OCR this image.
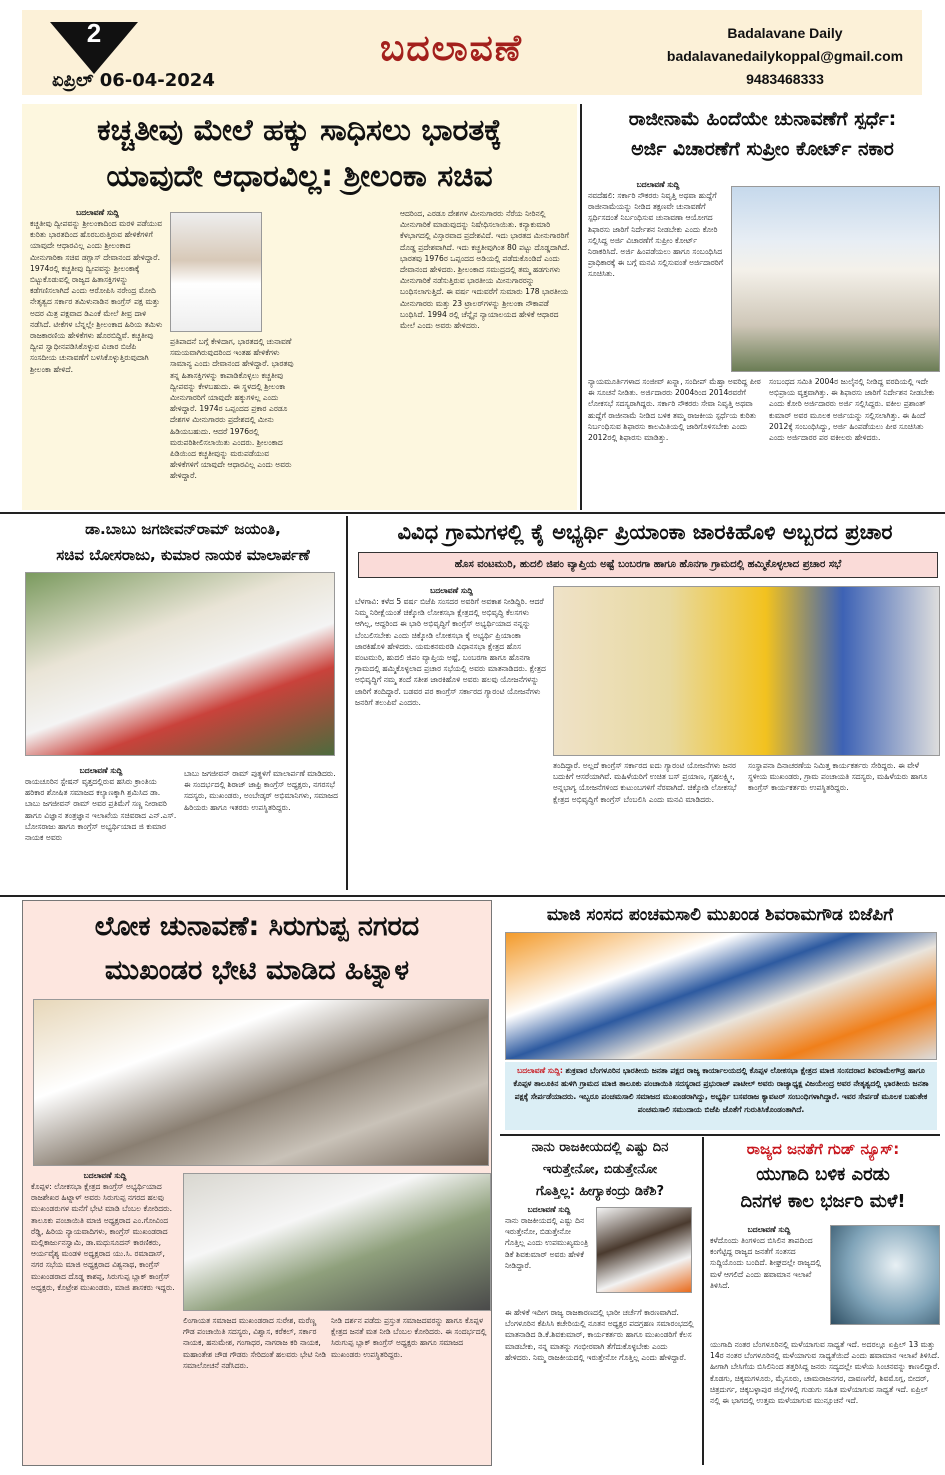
2
ಏಪ್ರಿಲ್ 06-04-2024
ಬದಲಾವಣೆ	Badalavane Daily
badalavanedailykoppal@gmail.com
9483468333
ಕಚ್ಚತೀವು ಮೇಲೆ ಹಕ್ಕು ಸಾಧಿಸಲು ಭಾರತಕ್ಕೆ
ಯಾವುದೇ ಆಧಾರವಿಲ್ಲ: ಶ್ರೀಲಂಕಾ ಸಚಿವ
ಬದಲಾವಣೆ ಸುದ್ದಿ
ಕಚ್ಚತೀವು ದ್ವೀಪವನ್ನು ಶ್ರೀಲಂಕಾದಿಂದ ಮರಳಿ ಪಡೆಯುವ ಕುರಿತು ಭಾರತದಿಂದ ಹೊರಬರುತ್ತಿರುವ ಹೇಳಿಕೆಗಳಿಗೆ ಯಾವುದೇ ಆಧಾರವಿಲ್ಲ ಎಂದು ಶ್ರೀಲಂಕಾದ ಮೀನುಗಾರಿಕಾ ಸಚಿವ ಡಗ್ಲಾಸ್ ದೇವಾನಂದ ಹೇಳಿದ್ದಾರೆ. 1974ರಲ್ಲಿ ಕಚ್ಚತೀವು ದ್ವೀಪವನ್ನು ಶ್ರೀಲಂಕಾಕ್ಕೆ ಬಿಟ್ಟುಕೊಡುವಲ್ಲಿ ರಾಜ್ಯದ ಹಿತಾಸಕ್ತಿಗಳನ್ನು ಕಡೆಗಣಿಸಲಾಗಿದೆ ಎಂದು ಆರೋಪಿಸಿ ನರೇಂದ್ರ ಮೋದಿ ನೇತೃತ್ವದ ಸರ್ಕಾರ ತಮಿಳುನಾಡಿನ ಕಾಂಗ್ರೆಸ್ ಪಕ್ಷ ಮತ್ತು ಅದರ ಮಿತ್ರ ಪಕ್ಷವಾದ ಡಿಎಂಕೆ ಮೇಲೆ ತೀವ್ರ ದಾಳಿ ನಡೆಸಿದೆ. ಟೀಕೆಗಳ ಬೆನ್ನಲ್ಲೇ ಶ್ರೀಲಂಕಾದ ಹಿರಿಯ ತಮಿಳು ರಾಜಕಾರಣಿಯ ಹೇಳಿಕೆಗಳು ಹೊರಬಿದ್ದಿವೆ. ಕಚ್ಚತೀವು ದ್ವೀಪ ಸ್ವಾಧೀನಪಡಿಸಿಕೊಳ್ಳುವ ವಿಚಾರ ಬಿಜೆಪಿ ಸಂಸದೀಯ ಚುನಾವಣೆಗೆ ಬಳಸಿಕೊಳ್ಳುತ್ತಿರುವುದಾಗಿ ಶ್ರೀಲಂಕಾ ಹೇಳಿದೆ.
ಪ್ರತಿಪಾದನೆ ಬಗ್ಗೆ ಕೇಳಿದಾಗ, ಭಾರತದಲ್ಲಿ ಚುನಾವಣೆ ಸಮಯವಾಗಿರುವುದರಿಂದ ಇಂತಹ ಹೇಳಿಕೆಗಳು ಸಾಮಾನ್ಯ ಎಂದು ದೇವಾನಂದ ಹೇಳಿದ್ದಾರೆ. ಭಾರತವು ತನ್ನ ಹಿತಾಸಕ್ತಿಗಳನ್ನು ಕಾಪಾಡಿಕೊಳ್ಳಲು ಕಚ್ಚತೀವು ದ್ವೀಪವನ್ನು ಕೇಳಬಹುದು. ಈ ಸ್ಥಳದಲ್ಲಿ ಶ್ರೀಲಂಕಾ ಮೀನುಗಾರರಿಗೆ ಯಾವುದೇ ಹಕ್ಕುಗಳಿಲ್ಲ ಎಂದು ಹೇಳಿದ್ದಾರೆ. 1974ರ ಒಪ್ಪಂದದ ಪ್ರಕಾರ ಎರಡೂ ದೇಶಗಳ ಮೀನುಗಾರರು ಪ್ರದೇಶದಲ್ಲಿ ಮೀನು ಹಿಡಿಯಬಹುದು. ಆದರೆ 1976ರಲ್ಲಿ ಮರುಪರಿಶೀಲಿಸಲಾಯಿತು ಎಂದರು. ಶ್ರೀಲಂಕಾದ ಪಿಡಿಯಿಂದ ಕಚ್ಚತೀವುನ್ನು ಮರುಪಡೆಯುವ ಹೇಳಿಕೆಗಳಿಗೆ ಯಾವುದೇ ಆಧಾರವಿಲ್ಲ ಎಂದು ಅವರು ಹೇಳಿದ್ದಾರೆ.
ಆದರಿಂದ, ಎರಡೂ ದೇಶಗಳ ಮೀನುಗಾರರು ನೆರೆಯ ನೀರಿನಲ್ಲಿ ಮೀನುಗಾರಿಕೆ ಮಾಡುವುದನ್ನು ನಿಷೇಧಿಸಲಾಯಿತು. ಕನ್ಯಾಕುಮಾರಿ ಕೆಳಭಾಗದಲ್ಲಿ ವಿಸ್ತಾರವಾದ ಪ್ರದೇಶವಿದೆ. ಇದು ಭಾರತದ ಮೀನುಗಾರರಿಗೆ ದೊಡ್ಡ ಪ್ರದೇಶವಾಗಿದೆ. ಇದು ಕಚ್ಚತೀವುಗಿಂತ 80 ಪಟ್ಟು ದೊಡ್ಡದಾಗಿದೆ. ಭಾರತವು 1976ರ ಒಪ್ಪಂದದ ಅಡಿಯಲ್ಲಿ ಪಡೆದುಕೊಂಡಿದೆ ಎಂದು ದೇವಾನಂದ ಹೇಳಿದರು. ಶ್ರೀಲಂಕಾದ ಸಮುದ್ರದಲ್ಲಿ ತಮ್ಮ ಹಡಗುಗಳು ಮೀನುಗಾರಿಕೆ ನಡೆಸುತ್ತಿರುವ ಭಾರತೀಯ ಮೀನುಗಾರರನ್ನು ಬಂಧಿಸಲಾಗುತ್ತಿದೆ. ಈ ವರ್ಷ ಇದುವರೆಗೆ ಸುಮಾರು 178 ಭಾರತೀಯ ಮೀನುಗಾರರು ಮತ್ತು 23 ಟ್ರಾಲರ್‌ಗಳನ್ನು ಶ್ರೀಲಂಕಾ ನೌಕಾಪಡೆ ಬಂಧಿಸಿದೆ. 1994 ರಲ್ಲಿ ಚೆನ್ನೈನ ನ್ಯಾಯಾಲಯದ ಹೇಳಿಕೆ ಆಧಾರದ ಮೇಲೆ ಎಂದು ಅವರು ಹೇಳಿದರು.
ರಾಜೀನಾಮೆ ಹಿಂದೆಯೇ ಚುನಾವಣೆಗೆ ಸ್ಪರ್ಧೆ:
ಅರ್ಜಿ ವಿಚಾರಣೆಗೆ ಸುಪ್ರೀಂ ಕೋರ್ಟ್ ನಕಾರ
ಬದಲಾವಣೆ ಸುದ್ದಿ
ನವದೆಹಲಿ: ಸರ್ಕಾರಿ ನೌಕರರು ನಿವೃತ್ತಿ ಅಥವಾ ಹುದ್ದೆಗೆ ರಾಜೀನಾಮೆಯನ್ನು ನೀಡಿದ ತಕ್ಷಣವೇ ಚುನಾವಣೆಗೆ ಸ್ಪರ್ಧಿಸದಂತೆ ನಿರ್ಬಂಧಿಸುವ ಚುನಾವಣಾ ಆಯೋಗದ ಶಿಫಾರಸು ಜಾರಿಗೆ ನಿರ್ದೇಶನ ನೀಡಬೇಕು ಎಂದು ಕೋರಿ ಸಲ್ಲಿಸಿದ್ದ ಅರ್ಜಿ ವಿಚಾರಣೆಗೆ ಸುಪ್ರೀಂ ಕೋರ್ಟ್ ನಿರಾಕರಿಸಿದೆ. ಅರ್ಜಿ ಹಿಂಪಡೆಯಲು ಹಾಗೂ ಸಂಬಂಧಿಸಿದ ಪ್ರಾಧಿಕಾರಕ್ಕೆ ಈ ಬಗ್ಗೆ ಮನವಿ ಸಲ್ಲಿಸುವಂತೆ ಅರ್ಜಿದಾರರಿಗೆ ಸೂಚಿಸಿತು.
ನ್ಯಾಯಮೂರ್ತಿಗಳಾದ ಸಂಜೀವ್ ಖನ್ನಾ, ಸಂದೀಪ್ ಮೆಹ್ತಾ ಅವರಿದ್ದ ಪೀಠ ಈ ಸೂಚನೆ ನೀಡಿತು. ಅರ್ಜಿದಾರರು 2004ರಿಂದ 2014ರವರೆಗೆ ಲೋಕಸಭೆ ಸದಸ್ಯರಾಗಿದ್ದರು. ಸರ್ಕಾರಿ ನೌಕರರು ಸೇವಾ ನಿವೃತ್ತಿ ಅಥವಾ ಹುದ್ದೆಗೆ ರಾಜೀನಾಮೆ ನೀಡಿದ ಬಳಿಕ ತಮ್ಮ ರಾಜಕೀಯ ಸ್ಪರ್ಧೆಯ ಕುರಿತು ನಿರ್ಬಂಧಿಸುವ ಶಿಫಾರಸು ಕಾಲಮಿತಿಯಲ್ಲಿ ಜಾರಿಗೊಳಿಸಬೇಕು ಎಂದು 2012ರಲ್ಲಿ ಶಿಫಾರಸು ಮಾಡಿತ್ತು.
ಸಂಬಂಧದ ಸಮಿತಿ 2004ರ ಜುಲೈನಲ್ಲಿ ನೀಡಿದ್ದ ವರದಿಯಲ್ಲಿ ಇದೇ ಅಭಿಪ್ರಾಯ ವ್ಯಕ್ತವಾಗಿತ್ತು. ಈ ಶಿಫಾರಸು ಜಾರಿಗೆ ನಿರ್ದೇಶನ ನೀಡಬೇಕು ಎಂದು ಕೋರಿ ಅರ್ಜಿದಾರರು ಅರ್ಜಿ ಸಲ್ಲಿಸಿದ್ದರು. ವಕೀಲ ಪ್ರಶಾಂತ್ ಕುಮಾರ್ ಅವರ ಮೂಲಕ ಅರ್ಜಿಯನ್ನು ಸಲ್ಲಿಸಲಾಗಿತ್ತು. ಈ ಹಿಂದೆ 2012ಕ್ಕೆ ಸಂಬಂಧಿಸಿದ್ದು, ಅರ್ಜಿ ಹಿಂಪಡೆಯಲು ಪೀಠ ಸೂಚಿಸಿತು ಎಂದು ಅರ್ಜಿದಾರರ ಪರ ವಕೀಲರು ಹೇಳಿದರು.
ಡಾ.ಬಾಬು ಜಗಜೀವನ್‌ರಾಮ್ ಜಯಂತಿ,
ಸಚಿವ ಬೋಸರಾಜು, ಕುಮಾರ ನಾಯಕ ಮಾಲಾರ್ಪಣೆ
ಬದಲಾವಣೆ ಸುದ್ದಿ
ರಾಯಚೂರಿನ ಸ್ಟೇಷನ್ ವೃತ್ತದಲ್ಲಿರುವ ಹಸಿರು ಕ್ರಾಂತಿಯ ಹರಿಕಾರ ಶೋಷಿತ ಸಮಾಜದ ಕಲ್ಯಾಣಕ್ಕಾಗಿ ಶ್ರಮಿಸಿದ ಡಾ. ಬಾಬು ಜಗಜೀವನ್ ರಾಮ್ ಅವರ ಪ್ರತಿಮೆಗೆ ಸಣ್ಣ ನೀರಾವರಿ ಹಾಗೂ ವಿಜ್ಞಾನ ತಂತ್ರಜ್ಞಾನ ಇಲಾಖೆಯ ಸಚಿವರಾದ ಎನ್.ಎಸ್. ಬೋಸರಾಜು ಹಾಗೂ ಕಾಂಗ್ರೆಸ್ ಅಭ್ಯರ್ಥಿಯಾದ ಜಿ ಕುಮಾರ ನಾಯಕ ಅವರು
ಬಾಬು ಜಗಜೀವನ್ ರಾಮ್ ಪುತ್ಥಳಿಗೆ ಮಾಲಾರ್ಪಣೆ ಮಾಡಿದರು. ಈ ಸಂದರ್ಭದಲ್ಲಿ ಶಿರಾಜ್ ಜಾಫ್ರಿ ಕಾಂಗ್ರೆಸ್ ಅಧ್ಯಕ್ಷರು, ನಗರಸಭೆ ಸದಸ್ಯರು, ಮುಖಂಡರು, ಅಂಬೇಡ್ಕರ್ ಅಭಿಮಾನಿಗಳು, ಸಮಾಜದ ಹಿರಿಯರು ಹಾಗೂ ಇತರರು ಉಪಸ್ಥಿತರಿದ್ದರು.
ವಿವಿಧ ಗ್ರಾಮಗಳಲ್ಲಿ ಕೈ ಅಭ್ಯರ್ಥಿ ಪ್ರಿಯಾಂಕಾ ಜಾರಕಿಹೊಳಿ ಅಬ್ಬರದ ಪ್ರಚಾರ
ಹೊಸ ವಂಟಮುರಿ, ಹುದಲಿ ಜಿಪಂ ವ್ಯಾಪ್ತಿಯ ಅಷ್ಟೆ ಬಂಬರಗಾ ಹಾಗೂ ಹೊನಗಾ ಗ್ರಾಮದಲ್ಲಿ ಹಮ್ಮಿಕೊಳ್ಳಲಾದ ಪ್ರಚಾರ ಸಭೆ
ಬದಲಾವಣೆ ಸುದ್ದಿ
ಬೆಳಗಾವಿ: ಕಳೆದ 5 ವರ್ಷ ಬಿಜೆಪಿ ಸಂಸದರ ಅವರಿಗೆ ಅವಕಾಶ ನೀಡಿದ್ದಿರಿ. ಆದರೆ ನಿಮ್ಮ ನಿರೀಕ್ಷೆಯಂತೆ ಚಿಕ್ಕೋಡಿ ಲೋಕಸಭಾ ಕ್ಷೇತ್ರದಲ್ಲಿ ಅಭಿವೃದ್ಧಿ ಕೆಲಸಗಳು ಆಗಿಲ್ಲ, ಆದ್ದರಿಂದ ಈ ಭಾರಿ ಅಭಿವೃದ್ಧಿಗೆ ಕಾಂಗ್ರೆಸ್ ಅಭ್ಯರ್ಥಿಯಾದ ನನ್ನನ್ನು ಬೆಂಬಲಿಸಬೇಕು ಎಂದು ಚಿಕ್ಕೋಡಿ ಲೋಕಸಭಾ ಕೈ ಅಭ್ಯರ್ಥಿ ಪ್ರಿಯಾಂಕಾ ಜಾರಕಿಹೊಳಿ ಹೇಳಿದರು. ಯಮಕನಮರಡಿ ವಿಧಾನಸಭಾ ಕ್ಷೇತ್ರದ ಹೊಸ ವಂಟಮುರಿ, ಹುದಲಿ ಜಿಪಂ ವ್ಯಾಪ್ತಿಯ ಅಷ್ಟೆ, ಬಂಬರಗಾ ಹಾಗೂ ಹೊನಗಾ ಗ್ರಾಮದಲ್ಲಿ ಹಮ್ಮಿಕೊಳ್ಳಲಾದ ಪ್ರಚಾರ ಸಭೆಯಲ್ಲಿ ಅವರು ಮಾತನಾಡಿದರು. ಕ್ಷೇತ್ರದ ಅಭಿವೃದ್ಧಿಗೆ ನಮ್ಮ ತಂದೆ ಸತೀಶ ಜಾರಕಿಹೊಳಿ ಅವರು ಹಲವು ಯೋಜನೆಗಳನ್ನು ಜಾರಿಗೆ ತಂದಿದ್ದಾರೆ. ಬಡವರ ಪರ ಕಾಂಗ್ರೆಸ್ ಸರ್ಕಾರದ ಗ್ಯಾರಂಟಿ ಯೋಜನೆಗಳು ಜನರಿಗೆ ತಲುಪಿವೆ ಎಂದರು.
ತಂದಿದ್ದಾರೆ. ಅಲ್ಲದೆ ಕಾಂಗ್ರೆಸ್ ಸರ್ಕಾರದ ಐದು ಗ್ಯಾರಂಟಿ ಯೋಜನೆಗಳು ಜನರ ಬದುಕಿಗೆ ಆಸರೆಯಾಗಿವೆ. ಮಹಿಳೆಯರಿಗೆ ಉಚಿತ ಬಸ್ ಪ್ರಯಾಣ, ಗೃಹಲಕ್ಷ್ಮೀ, ಅನ್ನಭಾಗ್ಯ ಯೋಜನೆಗಳಿಂದ ಕುಟುಂಬಗಳಿಗೆ ನೆರವಾಗಿದೆ. ಚಿಕ್ಕೋಡಿ ಲೋಕಸಭೆ ಕ್ಷೇತ್ರದ ಅಭಿವೃದ್ಧಿಗೆ ಕಾಂಗ್ರೆಸ್ ಬೆಂಬಲಿಸಿ ಎಂದು ಮನವಿ ಮಾಡಿದರು.
ಸಂಸ್ಥಾಪನಾ ದಿನಾಚರಣೆಯ ನಿಮಿತ್ತ ಕಾರ್ಯಕರ್ತರು ಸೇರಿದ್ದರು. ಈ ವೇಳೆ ಸ್ಥಳೀಯ ಮುಖಂಡರು, ಗ್ರಾಮ ಪಂಚಾಯತಿ ಸದಸ್ಯರು, ಮಹಿಳೆಯರು ಹಾಗೂ ಕಾಂಗ್ರೆಸ್ ಕಾರ್ಯಕರ್ತರು ಉಪಸ್ಥಿತರಿದ್ದರು.
ಲೋಕ ಚುನಾವಣೆ: ಸಿರುಗುಪ್ಪ ನಗರದ
ಮುಖಂಡರ ಭೇಟಿ ಮಾಡಿದ ಹಿಟ್ನಾಳ
ಬದಲಾವಣೆ ಸುದ್ದಿ
ಕೊಪ್ಪಳ: ಲೋಕಸಭಾ ಕ್ಷೇತ್ರದ ಕಾಂಗ್ರೆಸ್ ಅಭ್ಯರ್ಥಿಯಾದ ರಾಜಶೇಖರ ಹಿಟ್ನಾಳ್ ಅವರು ಸಿರುಗುಪ್ಪ ನಗರದ ಹಲವು ಮುಖಂಡರುಗಳ ಮನೆಗೆ ಭೇಟಿ ಮಾಡಿ ಬೆಂಬಲ ಕೋರಿದರು. ತಾಲೂಕು ಪಂಚಾಯಿತಿ ಮಾಜಿ ಅಧ್ಯಕ್ಷರಾದ ಎಂ.ಗೋವಿಂದ ರೆಡ್ಡಿ, ಹಿರಿಯ ನ್ಯಾಯವಾದಿಗಳು, ಕಾಂಗ್ರೆಸ್ ಮುಖಂಡರಾದ ಮಲ್ಲಿಕಾರ್ಜುನಸ್ವಾಮಿ, ಡಾ.ಮಧುಸೂದನ್ ಕಾರಣಿಕರು, ಆರ್ಯವೈಶ್ಯ ಮಂಡಳಿ ಅಧ್ಯಕ್ಷರಾದ ಯು.ಸಿ. ರಮಾದಾಸ್, ನಗರ ಸಭೆಯ ಮಾಜಿ ಅಧ್ಯಕ್ಷರಾದ ವಿಶ್ವನಾಥ, ಕಾಂಗ್ರೆಸ್ ಮುಖಂಡರಾದ ದೊಡ್ಡ ಕಾಶಪ್ಪ, ಸಿರುಗುಪ್ಪ ಬ್ಲಾಕ್ ಕಾಂಗ್ರೆಸ್ ಅಧ್ಯಕ್ಷರು, ಕೊಟ್ರೇಶ ಮುಖಂಡರು, ಮಾಜಿ ಶಾಸಕರು ಇದ್ದರು.
ಲಿಂಗಾಯತ ಸಮಾಜದ ಮುಖಂಡರಾದ ಸುರೇಶ, ಮರೆಣ್ಣ ಗೌಡ ಪಂಚಾಯಿತಿ ಸದಸ್ಯರು, ವಿಶ್ವಾಸ, ಕರೆಕಲ್, ಸರ್ಕಾರ ನಾಯಕ, ಹನುಮೇಶ, ಗಂಗಾಧರ, ನಾಗರಾಜ ಕರಿ ನಾಯಕ, ಮಹಾಂತೇಶ ಚೌಡ ಗೌಡರು ಸೇರಿದಂತೆ ಹಲವರು ಭೇಟಿ ನೀಡಿ ಸಮಾಲೋಚನೆ ನಡೆಸಿದರು.
ನೀಡಿ ದರ್ಶನ ಪಡೆದು ಪ್ರಸ್ತುತ ಸಮಾಜದವರನ್ನು ಹಾಗೂ ಕೊಪ್ಪಳ ಕ್ಷೇತ್ರದ ಜನತೆ ಮತ ನೀಡಿ ಬೆಂಬಲ ಕೋರಿದರು. ಈ ಸಂದರ್ಭದಲ್ಲಿ ಸಿರುಗುಪ್ಪ ಬ್ಲಾಕ್ ಕಾಂಗ್ರೆಸ್ ಅಧ್ಯಕ್ಷರು ಹಾಗೂ ಸಮಾಜದ ಮುಖಂಡರು ಉಪಸ್ಥಿತರಿದ್ದರು.
ಮಾಜಿ ಸಂಸದ ಪಂಚಮಸಾಲಿ ಮುಖಂಡ ಶಿವರಾಮಗೌಡ ಬಿಜೆಪಿಗೆ
ಬದಲಾವಣೆ ಸುದ್ದಿ: ಶುಕ್ರವಾರ ಬೆಂಗಳೂರಿನ ಭಾರತೀಯ ಜನತಾ ಪಕ್ಷದ ರಾಜ್ಯ ಕಾರ್ಯಾಲಯದಲ್ಲಿ ಕೊಪ್ಪಳ ಲೋಕಸಭಾ ಕ್ಷೇತ್ರದ ಮಾಜಿ ಸಂಸದರಾದ ಶಿವರಾಮೇಗೌಡ್ರ ಹಾಗೂ ಕೊಪ್ಪಳ ತಾಲೂಕಿನ ಹುಳಿಗಿ ಗ್ರಾಮದ ಮಾಜಿ ತಾಲೂಕು ಪಂಚಾಯಿತಿ ಸದಸ್ಯರಾದ ಪ್ರಭುರಾಜ್ ಪಾಟೀಲ್ ಅವರು ರಾಜ್ಯಾಧ್ಯಕ್ಷ ವಿಜಯೇಂದ್ರ ಅವರ ನೇತೃತ್ವದಲ್ಲಿ ಭಾರತೀಯ ಜನತಾ ಪಕ್ಷಕ್ಕೆ ಸೇರ್ಪಡೆಯಾದರು. ಇಬ್ಬರೂ ಪಂಚಮಸಾಲಿ ಸಮಾಜದ ಮುಖಂಡರಾಗಿದ್ದು, ಅಭ್ಯರ್ಥಿ ಬಸವರಾಜ ಕ್ಯಾವಟರ್ ಸಂಬಂಧಿಗಳಾಗಿದ್ದಾರೆ. ಇವರ ಸೇರ್ಪಡೆ ಮೂಲಕ ಬಹುತೇಕ ಪಂಚಮಸಾಲಿ ಸಮುದಾಯ ಬಿಜೆಪಿ ಜೊತೆಗೆ ಗುರುತಿಸಿಕೊಂಡಂತಾಗಿದೆ.
ನಾನು ರಾಜಕೀಯದಲ್ಲಿ ಎಷ್ಟು ದಿನ
ಇರುತ್ತೇನೋ, ಬಿಡುತ್ತೇನೋ
ಗೊತ್ತಿಲ್ಲ: ಹೀಗ್ಯಾಕಂದ್ರು ಡಿಕೆಶಿ?
ಬದಲಾವಣೆ ಸುದ್ದಿ
ನಾನು ರಾಜಕೀಯದಲ್ಲಿ ಎಷ್ಟು ದಿನ ಇರುತ್ತೇನೋ, ಬಿಡುತ್ತೇನೋ ಗೊತ್ತಿಲ್ಲ ಎಂದು ಉಪಮುಖ್ಯಮಂತ್ರಿ ಡಿಕೆ ಶಿವಕುಮಾರ್ ಅವರು ಹೇಳಿಕೆ ನೀಡಿದ್ದಾರೆ.
ಈ ಹೇಳಿಕೆ ಇದೀಗ ರಾಜ್ಯ ರಾಜಕಾರಣದಲ್ಲಿ ಭಾರೀ ಚರ್ಚೆಗೆ ಕಾರಣವಾಗಿದೆ. ಬೆಂಗಳೂರಿನ ಕೆಪಿಸಿಸಿ ಕಚೇರಿಯಲ್ಲಿ ನೂತನ ಅಧ್ಯಕ್ಷರ ಪದಗ್ರಹಣ ಸಮಾರಂಭದಲ್ಲಿ ಮಾತನಾಡಿದ ಡಿ.ಕೆ.ಶಿವಕುಮಾರ್, ಕಾರ್ಯಕರ್ತರು ಹಾಗೂ ಮುಖಂಡರಿಗೆ ಕೆಲಸ ಮಾಡಬೇಕು, ನನ್ನ ಮಾತನ್ನು ಗಂಭೀರವಾಗಿ ತೆಗೆದುಕೊಳ್ಳಬೇಕು ಎಂದು ಹೇಳಿದರು. ನಿಮ್ಮ ರಾಜಕೀಯದಲ್ಲಿ ಇರುತ್ತೇನೋ ಗೊತ್ತಿಲ್ಲ ಎಂದು ಹೇಳಿದ್ದಾರೆ.
ರಾಜ್ಯದ ಜನತೆಗೆ ಗುಡ್ ನ್ಯೂಸ್:
ಯುಗಾದಿ ಬಳಿಕ ಎರಡು
ದಿನಗಳ ಕಾಲ ಭರ್ಜರಿ ಮಳೆ!
ಬದಲಾವಣೆ ಸುದ್ದಿ
ಕಳೆದೊಂದು ತಿಂಗಳಿಂದ ಬಿಸಿಲಿನ ತಾಪದಿಂದ ಕಂಗೆಟ್ಟಿದ್ದ ರಾಜ್ಯದ ಜನತೆಗೆ ಸಂತಸದ ಸುದ್ದಿಯೊಂದು ಬಂದಿದೆ. ಶೀಘ್ರದಲ್ಲೇ ರಾಜ್ಯದಲ್ಲಿ ಮಳೆ ಆಗಲಿದೆ ಎಂದು ಹವಾಮಾನ ಇಲಾಖೆ ತಿಳಿಸಿದೆ.
ಯುಗಾದಿ ನಂತರ ಬೆಂಗಳೂರಿನಲ್ಲಿ ಮಳೆಯಾಗುವ ಸಾಧ್ಯತೆ ಇದೆ. ಅದರಲ್ಲೂ ಏಪ್ರಿಲ್ 13 ಮತ್ತು 14ರ ನಂತರ ಬೆಂಗಳೂರಿನಲ್ಲಿ ಮಳೆಯಾಗುವ ಸಾಧ್ಯತೆಯಿದೆ ಎಂದು ಹವಾಮಾನ ಇಲಾಖೆ ತಿಳಿಸಿದೆ. ಹೀಗಾಗಿ ಬೇಸಿಗೆಯ ಬಿಸಿಲಿನಿಂದ ತತ್ತರಿಸಿದ್ದ ಜನರು ಸದ್ಯದಲ್ಲೇ ಮಳೆಯ ಸಿಂಚನವನ್ನು ಕಾಣಲಿದ್ದಾರೆ. ಕೊಡಗು, ಚಿಕ್ಕಮಗಳೂರು, ಮೈಸೂರು, ಚಾಮರಾಜನಗರ, ದಾವಣಗೆರೆ, ಶಿವಮೊಗ್ಗ, ಬೀದರ್, ಚಿತ್ರದುರ್ಗ, ಚಿಕ್ಕಬಳ್ಳಾಪುರ ಜಿಲ್ಲೆಗಳಲ್ಲಿ ಗುಡುಗು ಸಹಿತ ಮಳೆಯಾಗುವ ಸಾಧ್ಯತೆ ಇದೆ. ಏಪ್ರಿಲ್ ನಲ್ಲಿ ಈ ಭಾಗದಲ್ಲಿ ಉತ್ತಮ ಮಳೆಯಾಗುವ ಮುನ್ಸೂಚನೆ ಇದೆ.
